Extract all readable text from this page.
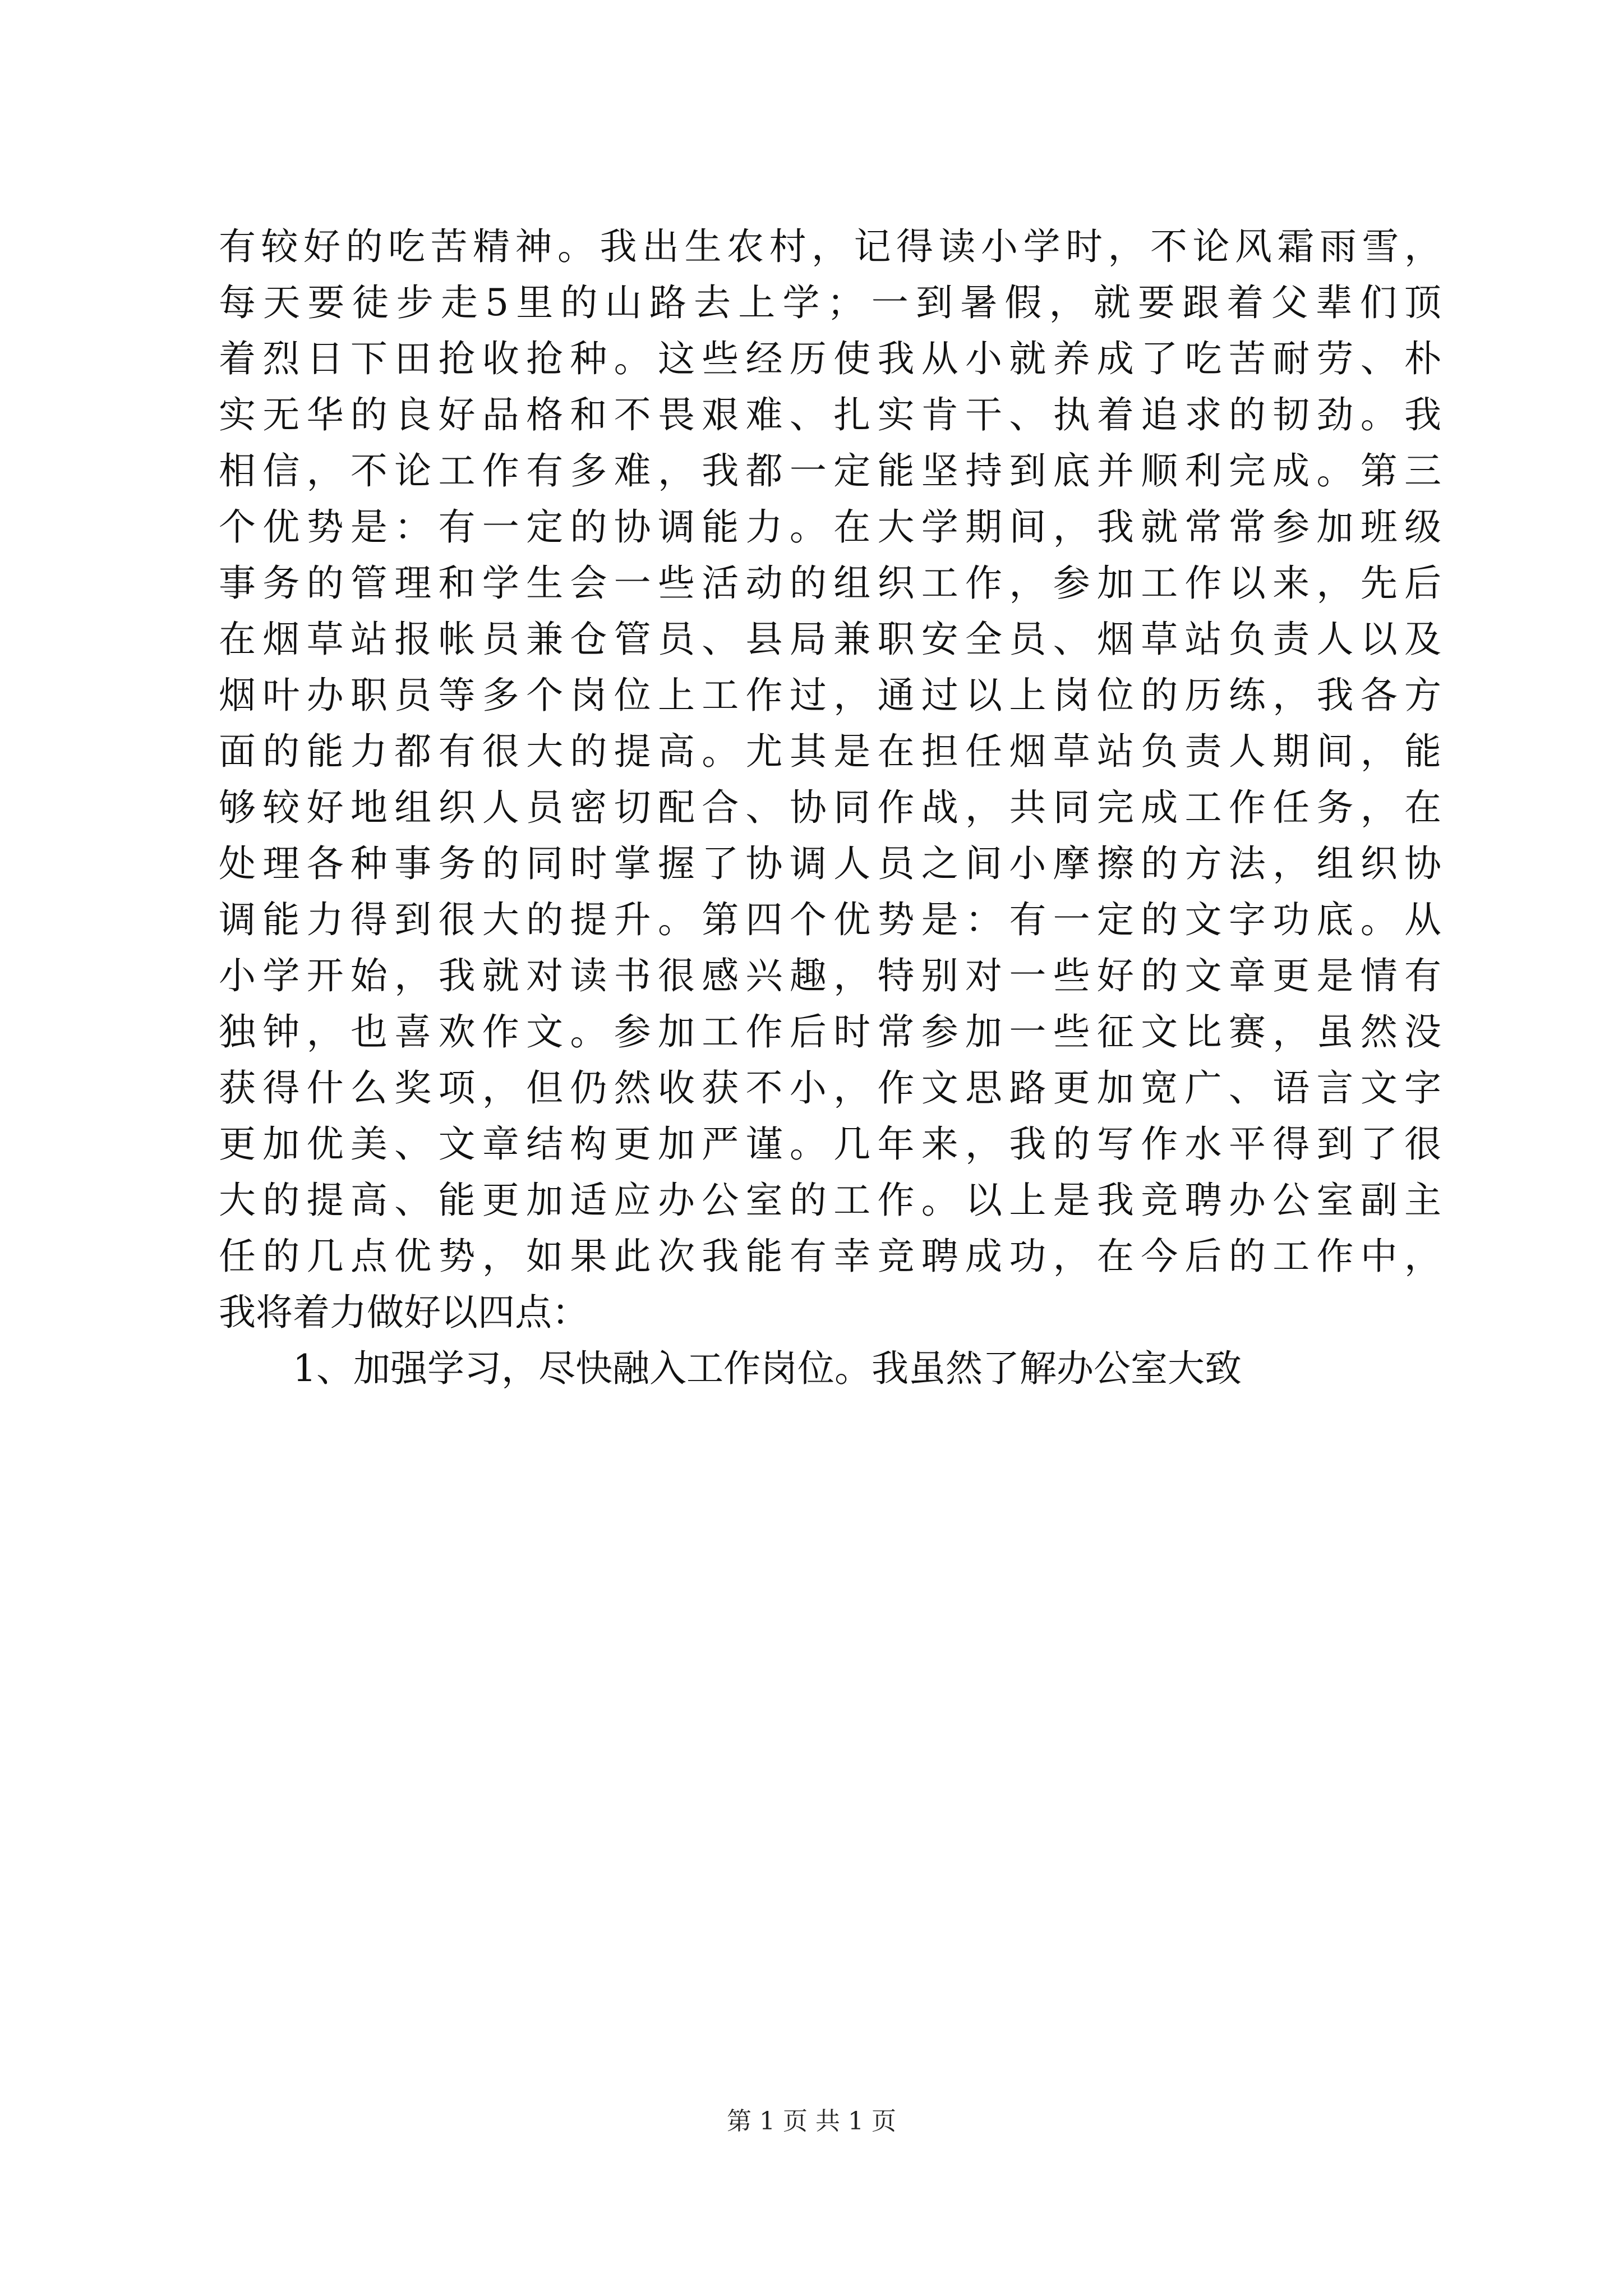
有较好的吃苦精神。我出生农村，记得读小学时，不论风霜雨雪，
每天要徒步走5里的山路去上学；一到暑假，就要跟着父辈们顶
着烈日下田抢收抢种。这些经历使我从小就养成了吃苦耐劳、朴
实无华的良好品格和不畏艰难、扎实肯干、执着追求的韧劲。我
相信，不论工作有多难，我都一定能坚持到底并顺利完成。第三
个优势是：有一定的协调能力。在大学期间，我就常常参加班级
事务的管理和学生会一些活动的组织工作，参加工作以来，先后
在烟草站报帐员兼仓管员、县局兼职安全员、烟草站负责人以及
烟叶办职员等多个岗位上工作过，通过以上岗位的历练，我各方
面的能力都有很大的提高。尤其是在担任烟草站负责人期间，能
够较好地组织人员密切配合、协同作战，共同完成工作任务，在
处理各种事务的同时掌握了协调人员之间小摩擦的方法，组织协
调能力得到很大的提升。第四个优势是：有一定的文字功底。从
小学开始，我就对读书很感兴趣，特别对一些好的文章更是情有
独钟，也喜欢作文。参加工作后时常参加一些征文比赛，虽然没
获得什么奖项，但仍然收获不小，作文思路更加宽广、语言文字
更加优美、文章结构更加严谨。几年来，我的写作水平得到了很
大的提高、能更加适应办公室的工作。以上是我竞聘办公室副主
任的几点优势，如果此次我能有幸竞聘成功，在今后的工作中，
我将着力做好以四点：
1、加强学习，尽快融入工作岗位。我虽然了解办公室大致
第 1 页 共 1 页
